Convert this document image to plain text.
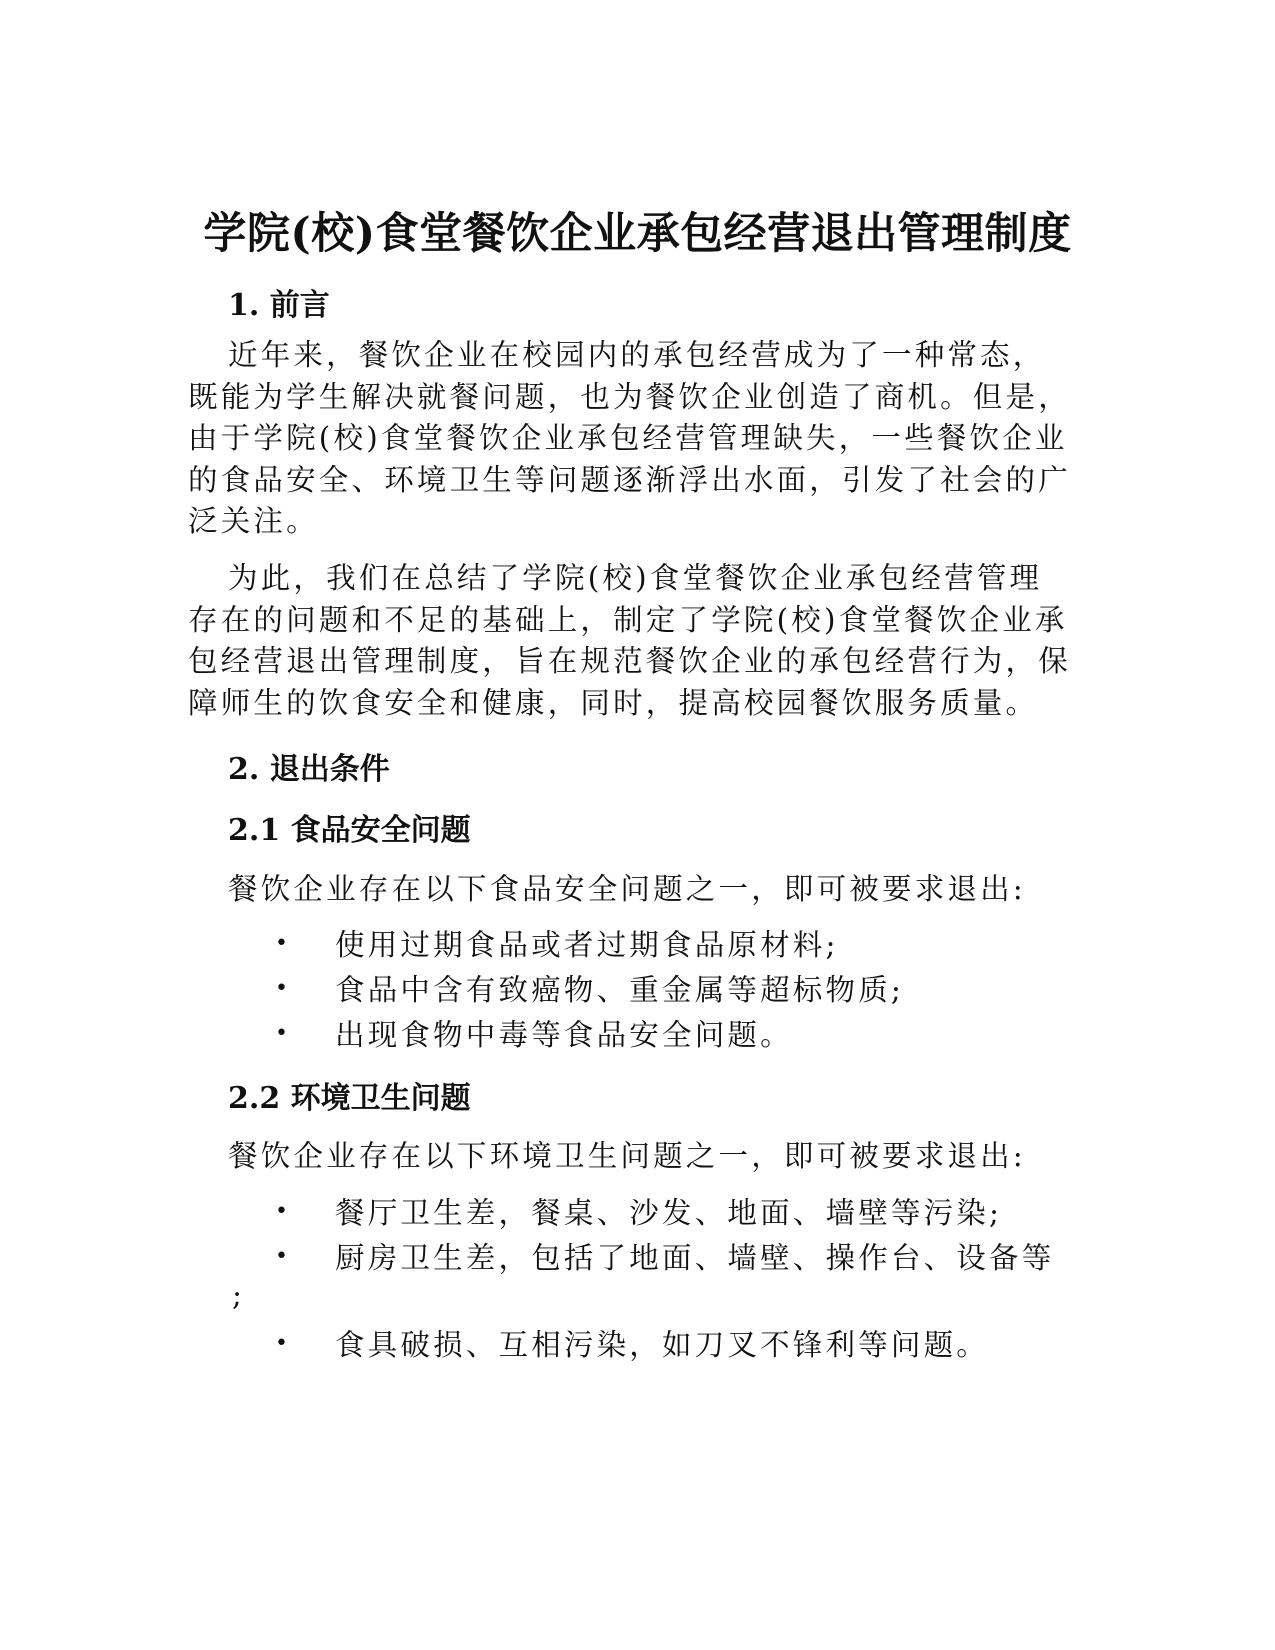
学院(校)食堂餐饮企业承包经营退出管理制度
1. 前言
近年来，餐饮企业在校园内的承包经营成为了一种常态，
既能为学生解决就餐问题，也为餐饮企业创造了商机。但是，
由于学院(校)食堂餐饮企业承包经营管理缺失，一些餐饮企业
的食品安全、环境卫生等问题逐渐浮出水面，引发了社会的广
泛关注。
为此，我们在总结了学院(校)食堂餐饮企业承包经营管理
存在的问题和不足的基础上，制定了学院(校)食堂餐饮企业承
包经营退出管理制度，旨在规范餐饮企业的承包经营行为，保
障师生的饮食安全和健康，同时，提高校园餐饮服务质量。
2. 退出条件
2.1 食品安全问题

餐饮企业存在以下食品安全问题之一，即可被要求退出:

• 使用过期食品或者过期食品原材料;

• 食品中含有致癌物、重金属等超标物质;

• 出现食物中毒等食品安全问题。

2.2 环境卫生问题

餐饮企业存在以下环境卫生问题之一，即可被要求退出:

• 餐厅卫生差，餐桌、沙发、地面、墙壁等污染;

• 厨房卫生差，包括了地面、墙壁、操作台、设备等

;

• 食具破损、互相污染，如刀叉不锋利等问题。
